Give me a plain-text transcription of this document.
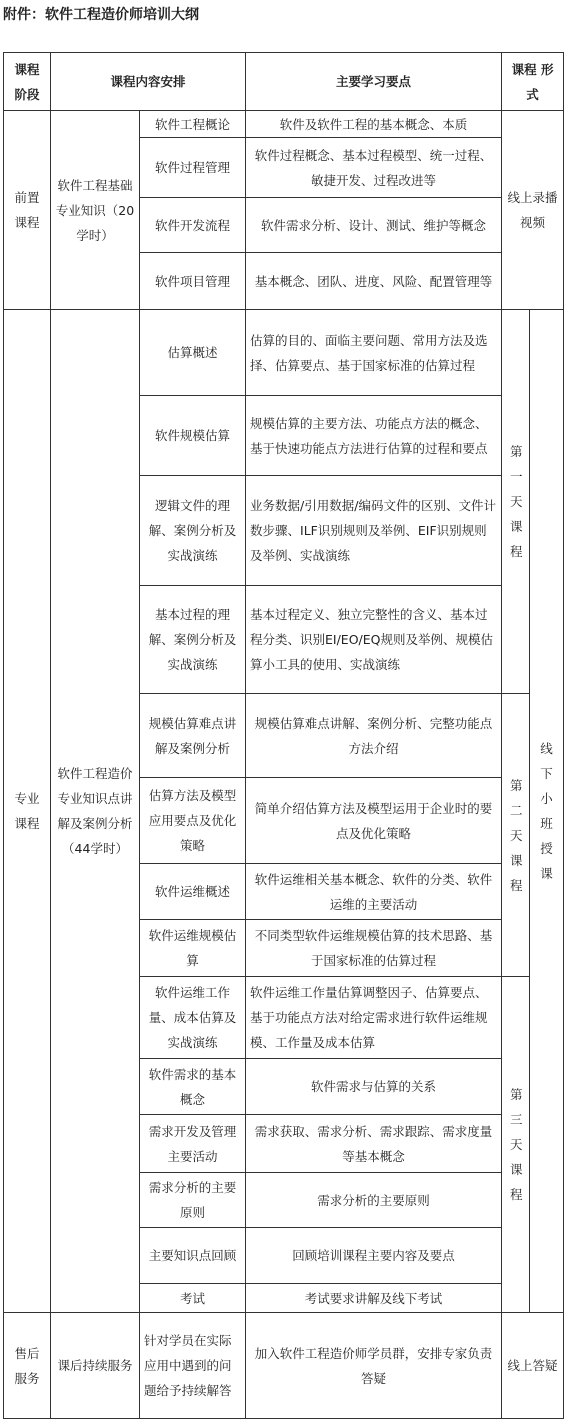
附件：软件工程造价师培训大纲
课程阶段	课程内容安排		主要学习要点	课程 形式	
前置课程	软件工程基础专业知识（20学时）	软件工程概论	软件及软件工程的基本概念、本质	线上录播视频	
		软件过程管理	软件过程概念、基本过程模型、统一过程、敏捷开发、过程改进等		
		软件开发流程	软件需求分析、设计、测试、维护等概念		
		软件项目管理	基本概念、团队、进度、风险、配置管理等		
专业课程	软件工程造价专业知识点讲解及案例分析（44学时）	估算概述	估算的目的、面临主要问题、常用方法及选择、估算要点、基于国家标准的估算过程	第一天课程	线下小班授课
		软件规模估算	规模估算的主要方法、功能点方法的概念、基于快速功能点方法进行估算的过程和要点		
		逻辑文件的理解、案例分析及实战演练	业务数据/引用数据/编码文件的区别、文件计数步骤、ILF识别规则及举例、EIF识别规则及举例、实战演练		
		基本过程的理解、案例分析及实战演练	基本过程定义、独立完整性的含义、基本过程分类、识别EI/EO/EQ规则及举例、规模估算小工具的使用、实战演练		
		规模估算难点讲解及案例分析	规模估算难点讲解、案例分析、完整功能点方法介绍	第二天课程	
		估算方法及模型应用要点及优化策略	简单介绍估算方法及模型运用于企业时的要点及优化策略		
		软件运维概述	软件运维相关基本概念、软件的分类、软件运维的主要活动		
		软件运维规模估算	不同类型软件运维规模估算的技术思路、基于国家标准的估算过程		
		软件运维工作量、成本估算及实战演练	软件运维工作量估算调整因子、估算要点、基于功能点方法对给定需求进行软件运维规模、工作量及成本估算	第三天课程	
		软件需求的基本概念	软件需求与估算的关系		
		需求开发及管理主要活动	需求获取、需求分析、需求跟踪、需求度量等基本概念		
		需求分析的主要原则	需求分析的主要原则		
		主要知识点回顾	回顾培训课程主要内容及要点		
		考试	考试要求讲解及线下考试		
售后服务	课后持续服务	针对学员在实际应用中遇到的问题给予持续解答	加入软件工程造价师学员群，安排专家负责答疑	线上答疑	
